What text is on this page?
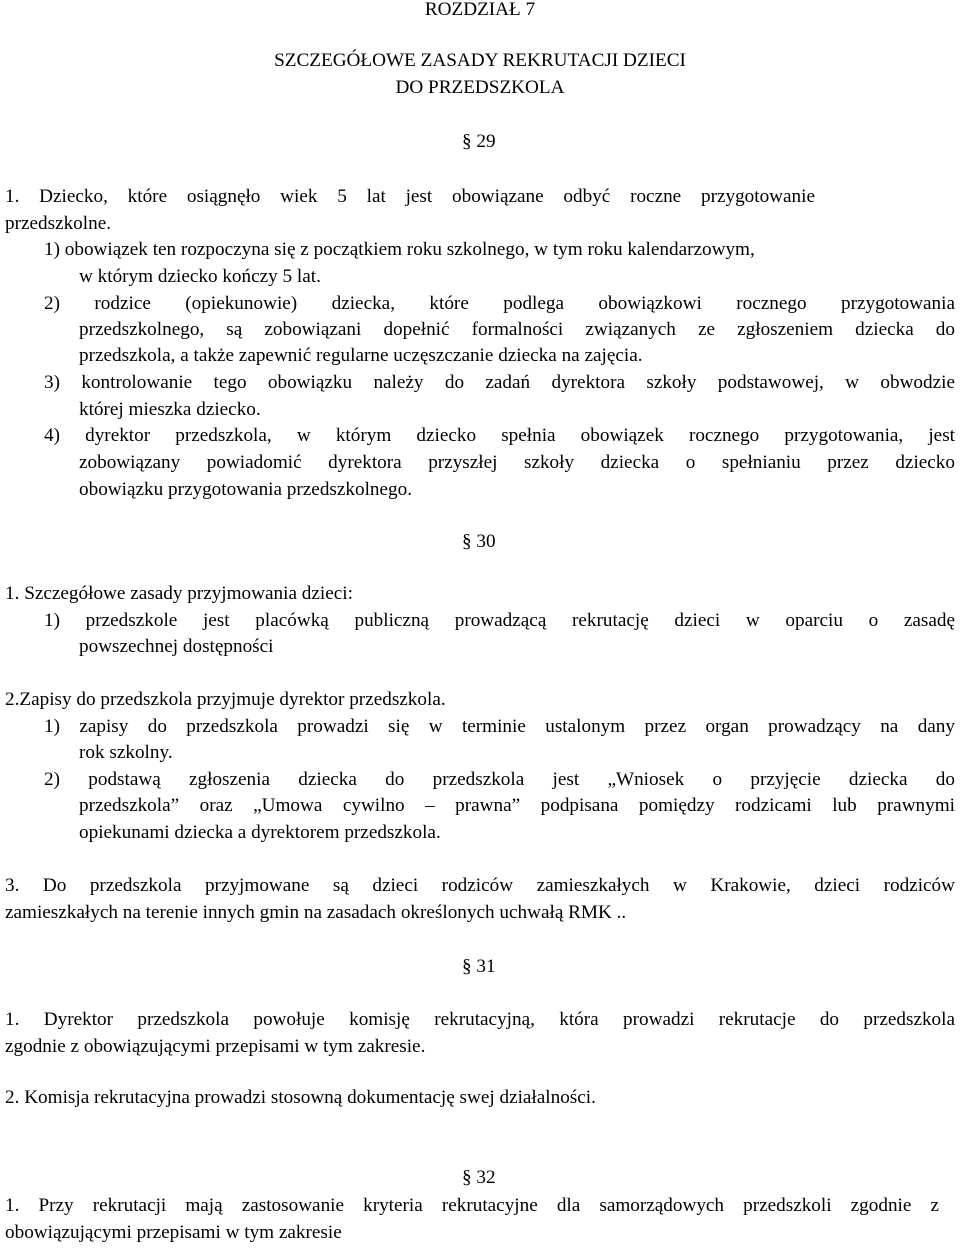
ROZDZIAŁ 7
SZCZEGÓŁOWE ZASADY REKRUTACJI DZIECI
DO PRZEDSZKOLA
§ 29
1. Dziecko, które osiągnęło wiek 5 lat jest obowiązane odbyć roczne przygotowanie
przedszkolne.
1) obowiązek ten rozpoczyna się z początkiem roku szkolnego, w tym roku kalendarzowym,
w którym dziecko kończy 5 lat.
2) rodzice (opiekunowie) dziecka, które podlega obowiązkowi rocznego przygotowania
przedszkolnego, są zobowiązani dopełnić formalności związanych ze zgłoszeniem dziecka do
przedszkola, a także zapewnić regularne uczęszczanie dziecka na zajęcia.
3) kontrolowanie tego obowiązku należy do zadań dyrektora szkoły podstawowej, w obwodzie
której mieszka dziecko.
4) dyrektor przedszkola, w którym dziecko spełnia obowiązek rocznego przygotowania, jest
zobowiązany powiadomić dyrektora przyszłej szkoły dziecka o spełnianiu przez dziecko
obowiązku przygotowania przedszkolnego.
§ 30
1. Szczegółowe zasady przyjmowania dzieci:
1) przedszkole jest placówką publiczną prowadzącą rekrutację dzieci w oparciu o zasadę
powszechnej dostępności
2.Zapisy do przedszkola przyjmuje dyrektor przedszkola.
1) zapisy do przedszkola prowadzi się w terminie ustalonym przez organ prowadzący na dany
rok szkolny.
2) podstawą zgłoszenia dziecka do przedszkola jest „Wniosek o przyjęcie dziecka do
przedszkola” oraz „Umowa cywilno – prawna” podpisana pomiędzy rodzicami lub prawnymi
opiekunami dziecka a dyrektorem przedszkola.
3. Do przedszkola przyjmowane są dzieci rodziców zamieszkałych w Krakowie, dzieci rodziców
zamieszkałych na terenie innych gmin na zasadach określonych uchwałą RMK ..
§ 31
1. Dyrektor przedszkola powołuje komisję rekrutacyjną, która prowadzi rekrutacje do przedszkola
zgodnie z obowiązującymi przepisami w tym zakresie.
2. Komisja rekrutacyjna prowadzi stosowną dokumentację swej działalności.
§ 32
1. Przy rekrutacji mają zastosowanie kryteria rekrutacyjne dla samorządowych przedszkoli zgodnie z
obowiązującymi przepisami w tym zakresie
